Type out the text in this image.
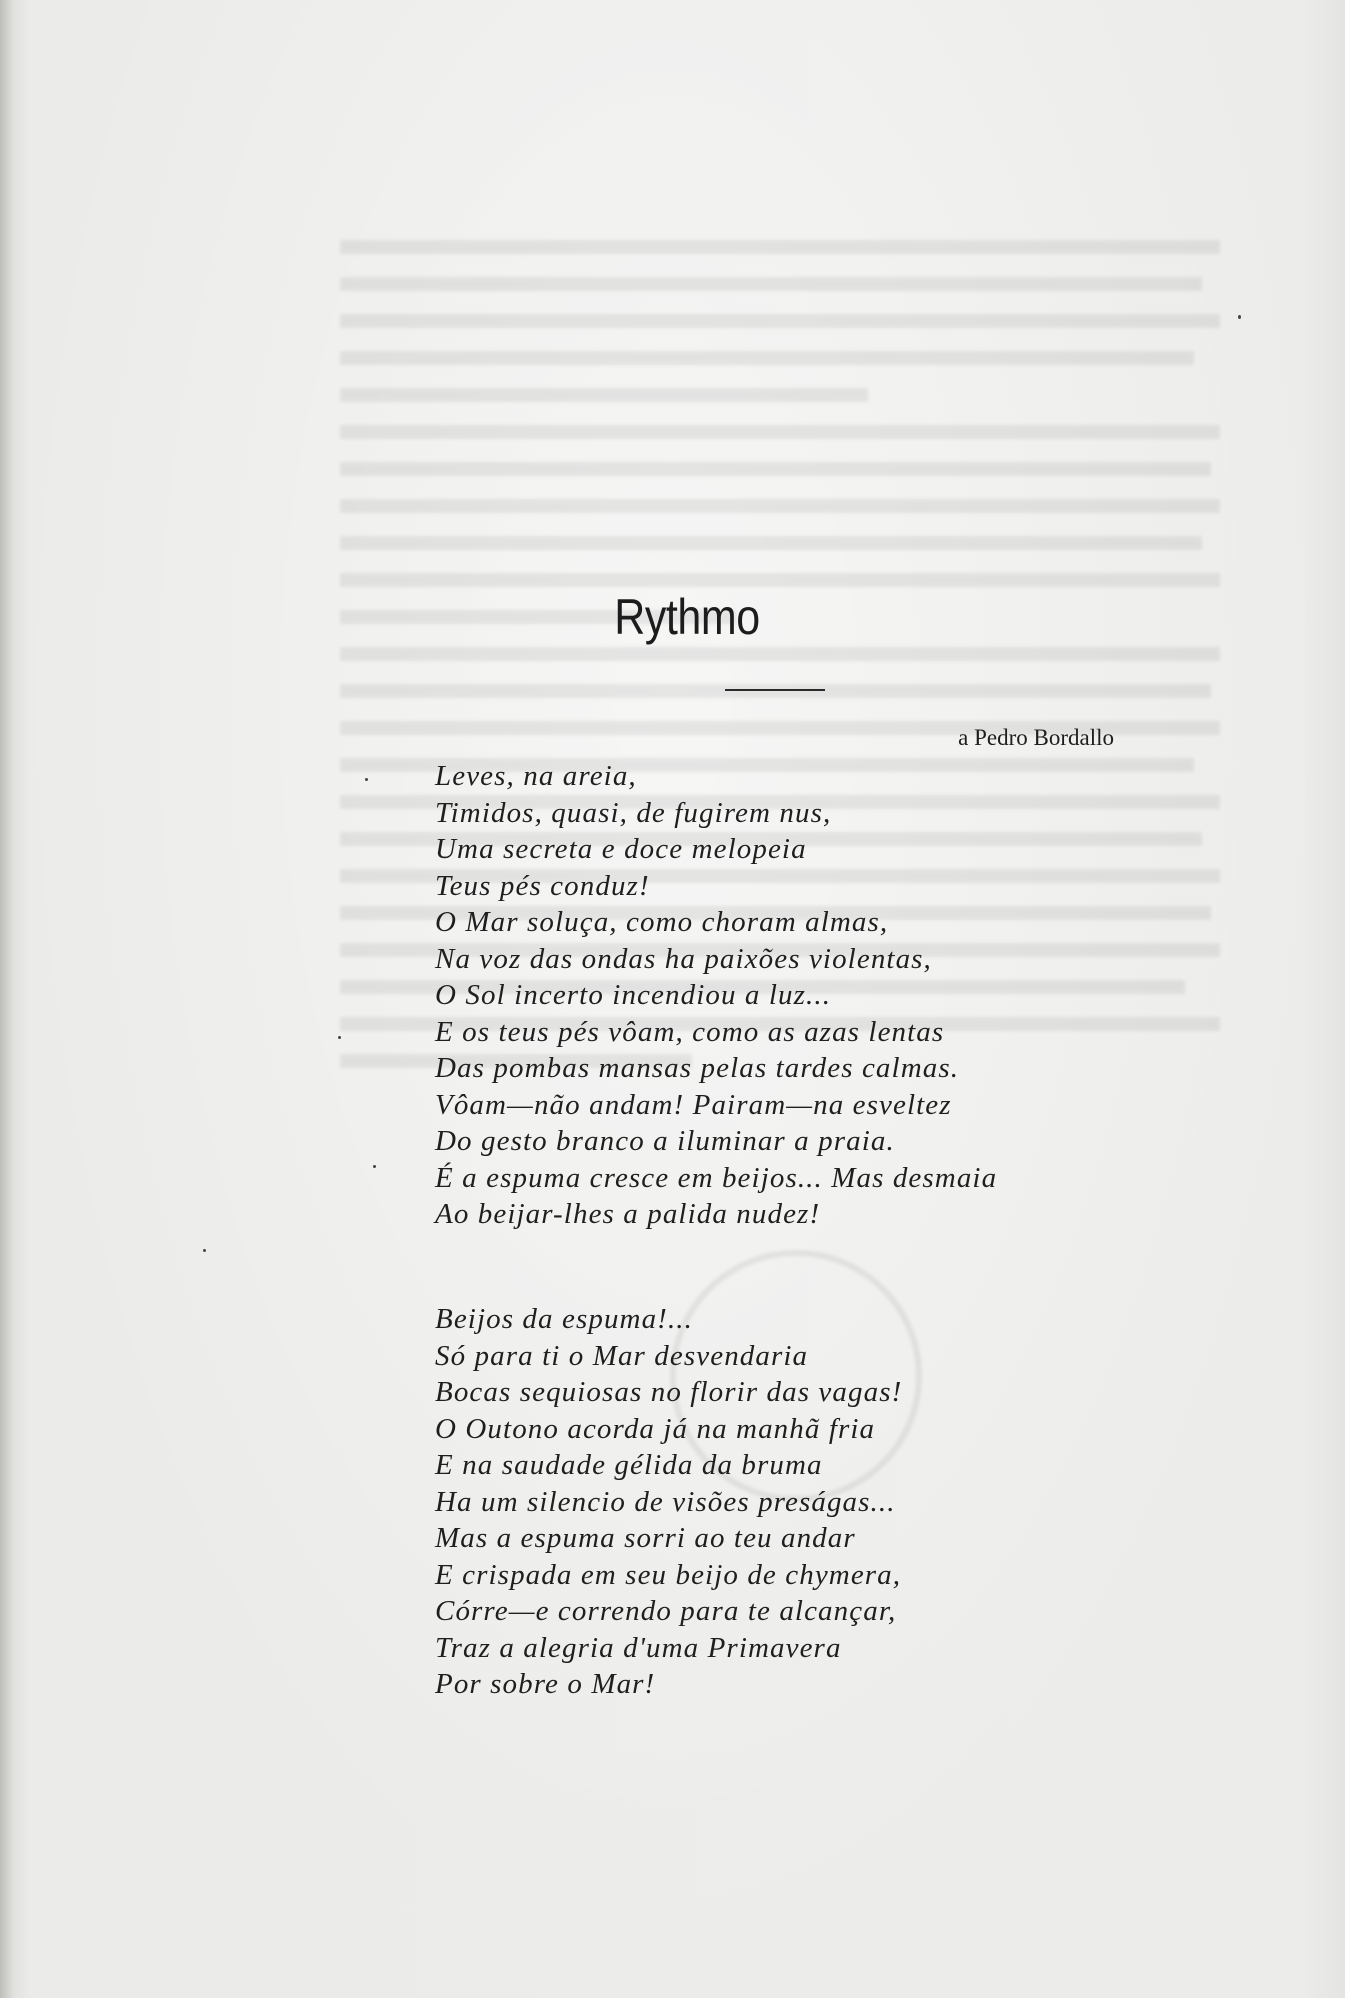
Rythmo
a Pedro Bordallo
Leves, na areia,
Timidos, quasi, de fugirem nus,
Uma secreta e doce melopeia
Teus pés conduz!
O Mar soluça, como choram almas,
Na voz das ondas ha paixões violentas,
O Sol incerto incendiou a luz...
E os teus pés vôam, como as azas lentas
Das pombas mansas pelas tardes calmas.
Vôam—não andam! Pairam—na esveltez
Do gesto branco a iluminar a praia.
É a espuma cresce em beijos... Mas desmaia
Ao beijar-lhes a palida nudez!
Beijos da espuma!...
Só para ti o Mar desvendaria
Bocas sequiosas no florir das vagas!
O Outono acorda já na manhã fria
E na saudade gélida da bruma
Ha um silencio de visões preságas...
Mas a espuma sorri ao teu andar
E crispada em seu beijo de chymera,
Córre—e correndo para te alcançar,
Traz a alegria d'uma Primavera
Por sobre o Mar!
